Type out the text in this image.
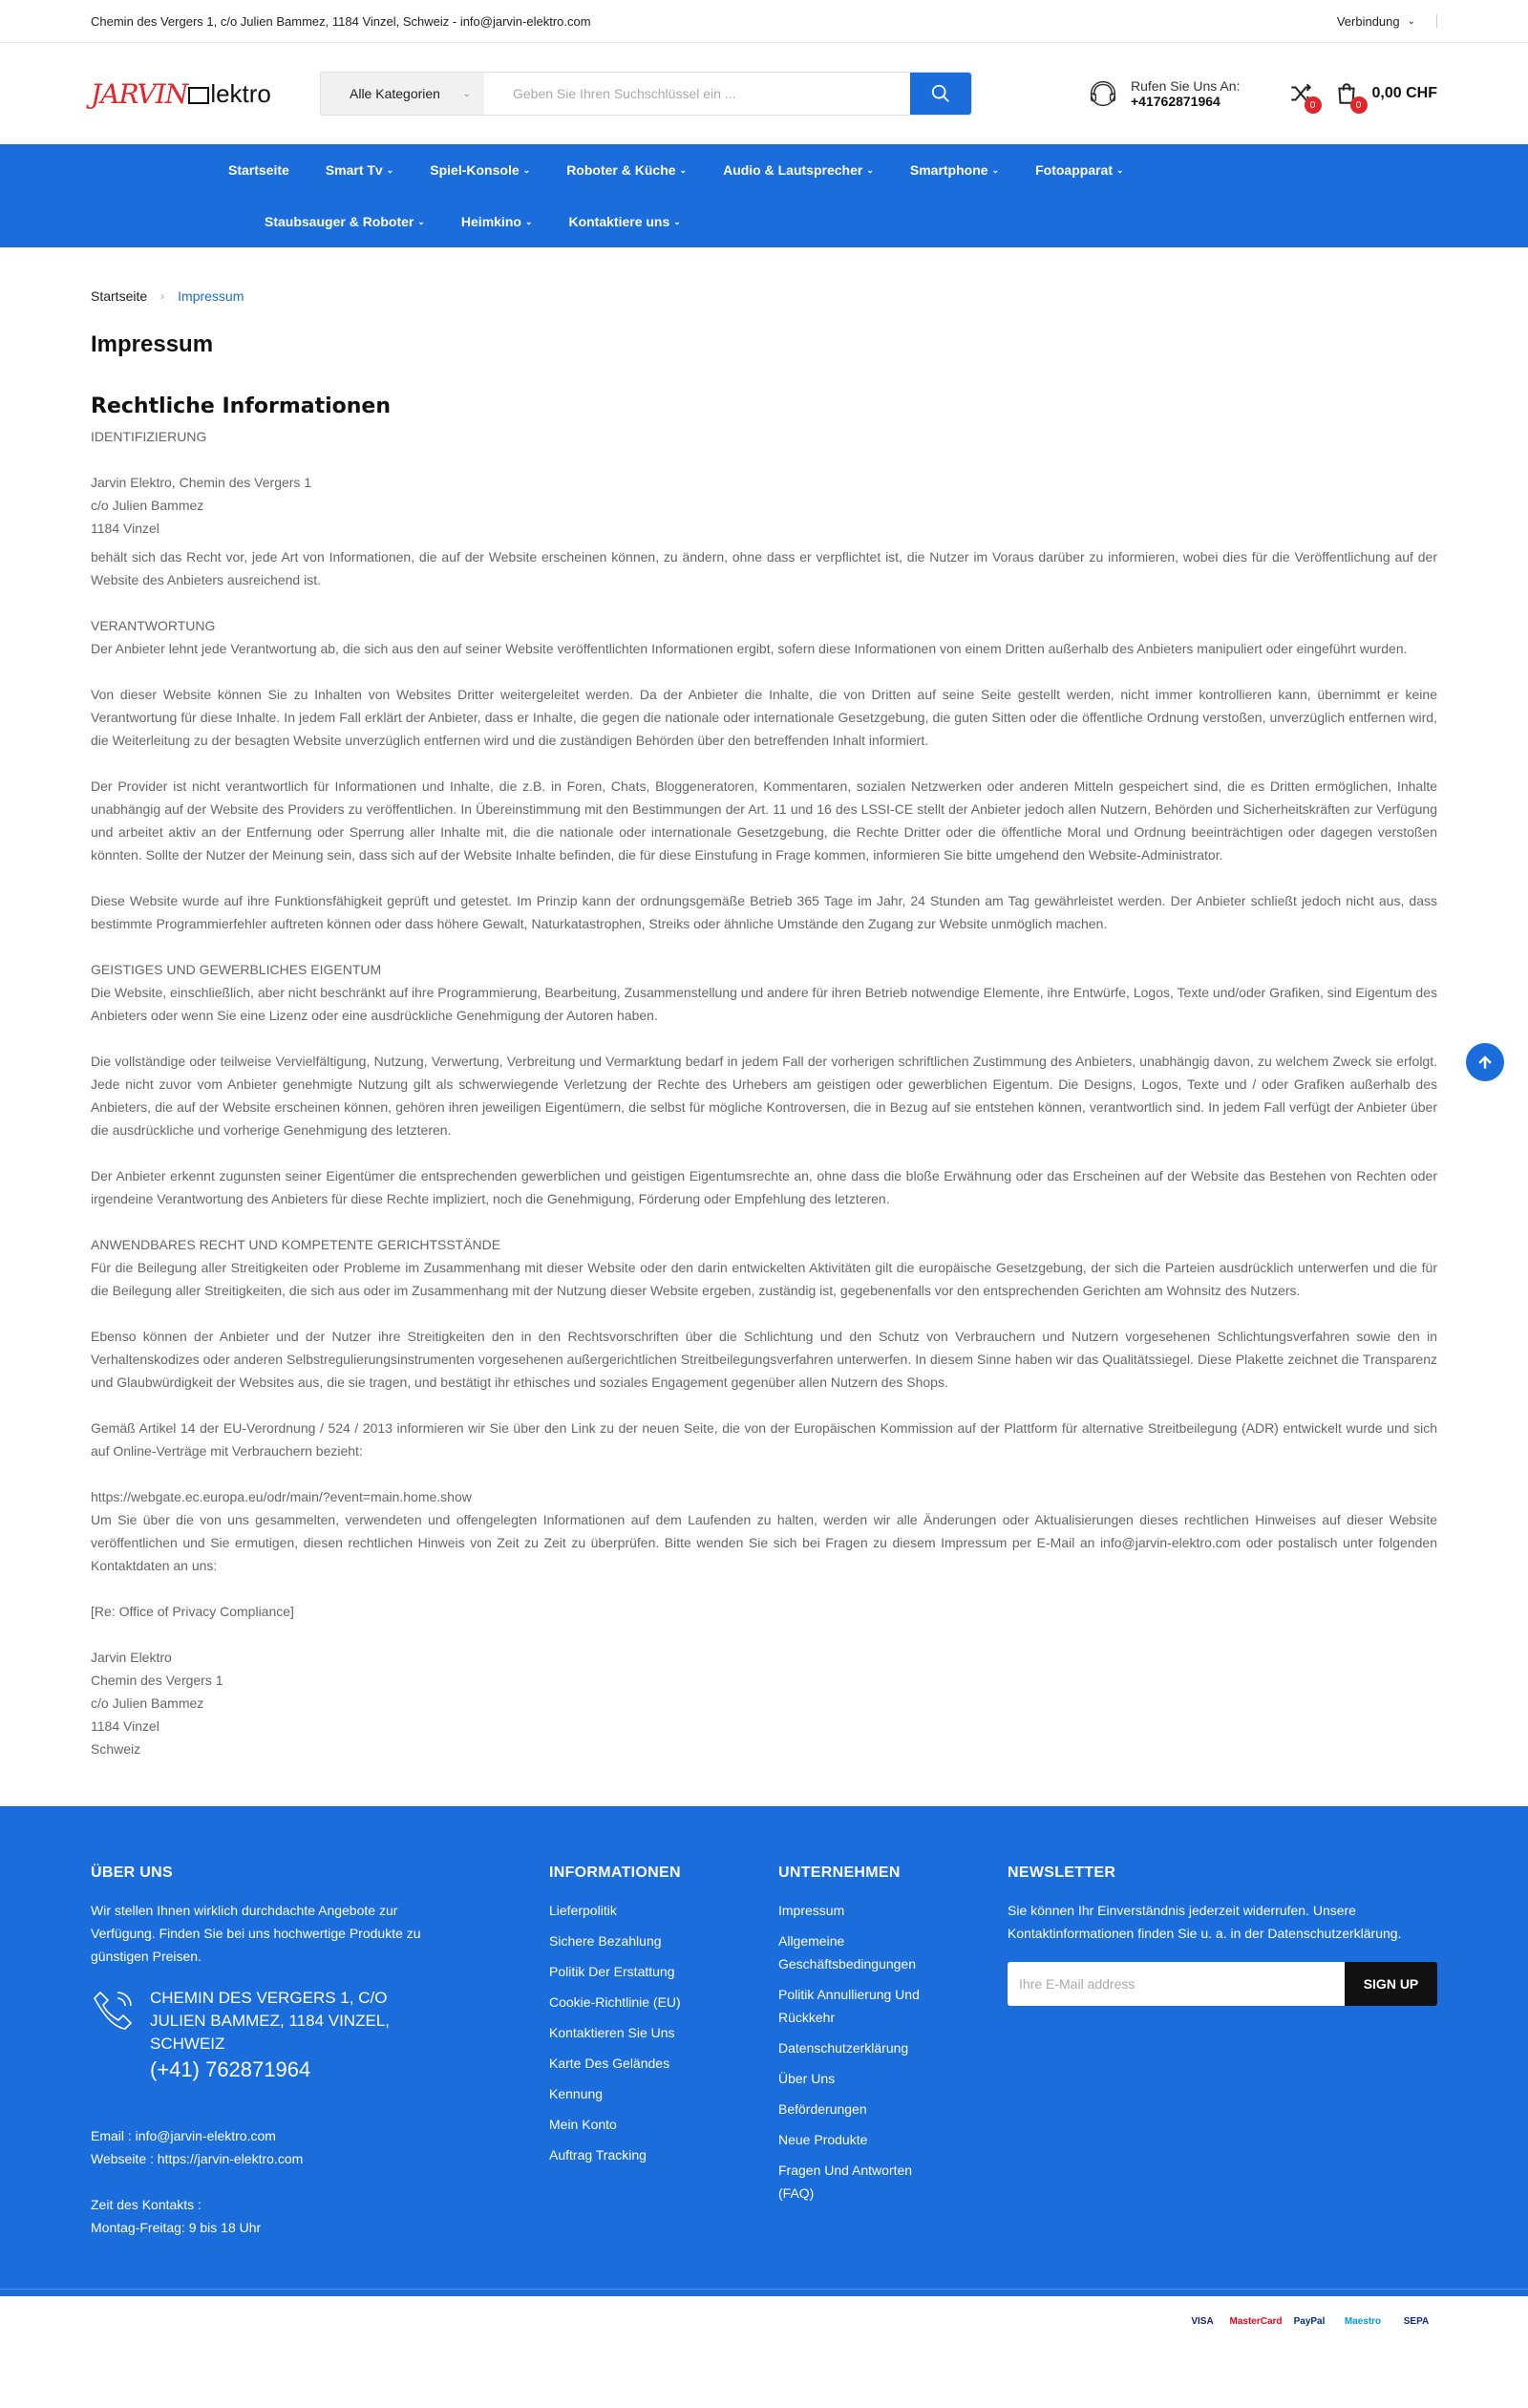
Chemin des Vergers 1, c/o Julien Bammez, 1184 Vinzel, Schweiz - info@jarvin-elektro.com	Verbindung ⌄
JARVIN lektro	Alle Kategorien ⌄
Geben Sie Ihren Suchschlüssel ein ...	Rufen Sie Uns An:
+41762871964	0	0
0,00 CHF
Startseite	Smart Tv ⌄	Spiel-Konsole ⌄	Roboter & Küche ⌄	Audio & Lautsprecher ⌄	Smartphone ⌄	Fotoapparat ⌄
Staubsauger & Roboter ⌄	Heimkino ⌄	Kontaktiere uns ⌄
Startseite › Impressum
Impressum
Rechtliche Informationen

IDENTIFIZIERUNG

Jarvin Elektro, Chemin des Vergers 1

c/o Julien Bammez

1184 Vinzel

behält sich das Recht vor, jede Art von Informationen, die auf der Website erscheinen können, zu ändern, ohne dass er verpflichtet ist, die Nutzer im Voraus darüber zu informieren, wobei dies für die Veröffentlichung auf der Website des Anbieters ausreichend ist.

VERANTWORTUNG

Der Anbieter lehnt jede Verantwortung ab, die sich aus den auf seiner Website veröffentlichten Informationen ergibt, sofern diese Informationen von einem Dritten außerhalb des Anbieters manipuliert oder eingeführt wurden.

Von dieser Website können Sie zu Inhalten von Websites Dritter weitergeleitet werden. Da der Anbieter die Inhalte, die von Dritten auf seine Seite gestellt werden, nicht immer kontrollieren kann, übernimmt er keine Verantwortung für diese Inhalte. In jedem Fall erklärt der Anbieter, dass er Inhalte, die gegen die nationale oder internationale Gesetzgebung, die guten Sitten oder die öffentliche Ordnung verstoßen, unverzüglich entfernen wird, die Weiterleitung zu der besagten Website unverzüglich entfernen wird und die zuständigen Behörden über den betreffenden Inhalt informiert.

Der Provider ist nicht verantwortlich für Informationen und Inhalte, die z.B. in Foren, Chats, Bloggeneratoren, Kommentaren, sozialen Netzwerken oder anderen Mitteln gespeichert sind, die es Dritten ermöglichen, Inhalte unabhängig auf der Website des Providers zu veröffentlichen. In Übereinstimmung mit den Bestimmungen der Art. 11 und 16 des LSSI-CE stellt der Anbieter jedoch allen Nutzern, Behörden und Sicherheitskräften zur Verfügung und arbeitet aktiv an der Entfernung oder Sperrung aller Inhalte mit, die die nationale oder internationale Gesetzgebung, die Rechte Dritter oder die öffentliche Moral und Ordnung beeinträchtigen oder dagegen verstoßen könnten. Sollte der Nutzer der Meinung sein, dass sich auf der Website Inhalte befinden, die für diese Einstufung in Frage kommen, informieren Sie bitte umgehend den Website-Administrator.

Diese Website wurde auf ihre Funktionsfähigkeit geprüft und getestet. Im Prinzip kann der ordnungsgemäße Betrieb 365 Tage im Jahr, 24 Stunden am Tag gewährleistet werden. Der Anbieter schließt jedoch nicht aus, dass bestimmte Programmierfehler auftreten können oder dass höhere Gewalt, Naturkatastrophen, Streiks oder ähnliche Umstände den Zugang zur Website unmöglich machen.

GEISTIGES UND GEWERBLICHES EIGENTUM

Die Website, einschließlich, aber nicht beschränkt auf ihre Programmierung, Bearbeitung, Zusammenstellung und andere für ihren Betrieb notwendige Elemente, ihre Entwürfe, Logos, Texte und/oder Grafiken, sind Eigentum des Anbieters oder wenn Sie eine Lizenz oder eine ausdrückliche Genehmigung der Autoren haben.

Die vollständige oder teilweise Vervielfältigung, Nutzung, Verwertung, Verbreitung und Vermarktung bedarf in jedem Fall der vorherigen schriftlichen Zustimmung des Anbieters, unabhängig davon, zu welchem Zweck sie erfolgt. Jede nicht zuvor vom Anbieter genehmigte Nutzung gilt als schwerwiegende Verletzung der Rechte des Urhebers am geistigen oder gewerblichen Eigentum. Die Designs, Logos, Texte und / oder Grafiken außerhalb des Anbieters, die auf der Website erscheinen können, gehören ihren jeweiligen Eigentümern, die selbst für mögliche Kontroversen, die in Bezug auf sie entstehen können, verantwortlich sind. In jedem Fall verfügt der Anbieter über die ausdrückliche und vorherige Genehmigung des letzteren.

Der Anbieter erkennt zugunsten seiner Eigentümer die entsprechenden gewerblichen und geistigen Eigentumsrechte an, ohne dass die bloße Erwähnung oder das Erscheinen auf der Website das Bestehen von Rechten oder irgendeine Verantwortung des Anbieters für diese Rechte impliziert, noch die Genehmigung, Förderung oder Empfehlung des letzteren.

ANWENDBARES RECHT UND KOMPETENTE GERICHTSSTÄNDE

Für die Beilegung aller Streitigkeiten oder Probleme im Zusammenhang mit dieser Website oder den darin entwickelten Aktivitäten gilt die europäische Gesetzgebung, der sich die Parteien ausdrücklich unterwerfen und die für die Beilegung aller Streitigkeiten, die sich aus oder im Zusammenhang mit der Nutzung dieser Website ergeben, zuständig ist, gegebenenfalls vor den entsprechenden Gerichten am Wohnsitz des Nutzers.

Ebenso können der Anbieter und der Nutzer ihre Streitigkeiten den in den Rechtsvorschriften über die Schlichtung und den Schutz von Verbrauchern und Nutzern vorgesehenen Schlichtungsverfahren sowie den in Verhaltenskodizes oder anderen Selbstregulierungsinstrumenten vorgesehenen außergerichtlichen Streitbeilegungsverfahren unterwerfen. In diesem Sinne haben wir das Qualitätssiegel. Diese Plakette zeichnet die Transparenz und Glaubwürdigkeit der Websites aus, die sie tragen, und bestätigt ihr ethisches und soziales Engagement gegenüber allen Nutzern des Shops.

Gemäß Artikel 14 der EU-Verordnung / 524 / 2013 informieren wir Sie über den Link zu der neuen Seite, die von der Europäischen Kommission auf der Plattform für alternative Streitbeilegung (ADR) entwickelt wurde und sich auf Online-Verträge mit Verbrauchern bezieht:

https://webgate.ec.europa.eu/odr/main/?event=main.home.show

Um Sie über die von uns gesammelten, verwendeten und offengelegten Informationen auf dem Laufenden zu halten, werden wir alle Änderungen oder Aktualisierungen dieses rechtlichen Hinweises auf dieser Website veröffentlichen und Sie ermutigen, diesen rechtlichen Hinweis von Zeit zu Zeit zu überprüfen. Bitte wenden Sie sich bei Fragen zu diesem Impressum per E-Mail an info@jarvin-elektro.com oder postalisch unter folgenden Kontaktdaten an uns:

[Re: Office of Privacy Compliance]

Jarvin Elektro

Chemin des Vergers 1

c/o Julien Bammez

1184 Vinzel

Schweiz

ÜBER UNS

Wir stellen Ihnen wirklich durchdachte Angebote zur Verfügung. Finden Sie bei uns hochwertige Produkte zu günstigen Preisen.

CHEMIN DES VERGERS 1, C/O JULIEN BAMMEZ, 1184 VINZEL, SCHWEIZ
(+41) 762871964

Email : info@jarvin-elektro.com

Webseite : https://jarvin-elektro.com

Zeit des Kontakts :

Montag-Freitag: 9 bis 18 Uhr

INFORMATIONEN
Lieferpolitik
Sichere Bezahlung
Politik Der Erstattung
Cookie-Richtlinie (EU)
Kontaktieren Sie Uns
Karte Des Geländes
Kennung
Mein Konto
Auftrag Tracking
UNTERNEHMEN
Impressum
Allgemeine Geschäftsbedingungen
Politik Annullierung Und Rückkehr
Datenschutzerklärung
Über Uns
Beförderungen
Neue Produkte
Fragen Und Antworten (FAQ)
NEWSLETTER

Sie können Ihr Einverständnis jederzeit widerrufen. Unsere Kontaktinformationen finden Sie u. a. in der Datenschutzerklärung.

Ihre E-Mail address
SIGN UP
Urheberrechte © Jarvin Elektro. Alle Rechte vorbehalten	VISA	MasterCard	PayPal	Maestro	SEPA
